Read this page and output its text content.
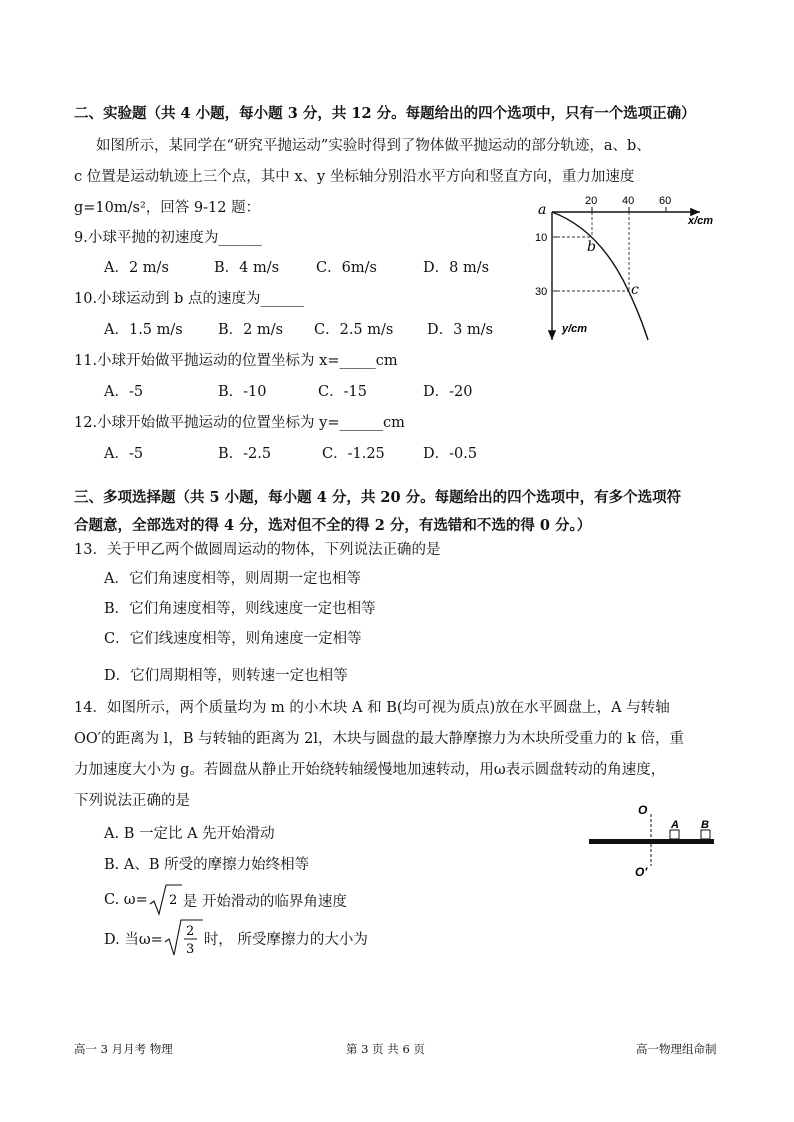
二、实验题（共 4 小题，每小题 3 分，共 12 分。每题给出的四个选项中，只有一个选项正确）
如图所示，某同学在“研究平抛运动”实验时得到了物体做平抛运动的部分轨迹，a、b、
c 位置是运动轨迹上三个点，其中 x、y 坐标轴分别沿水平方向和竖直方向，重力加速度
g=10m/s²，回答 9-12 题：
9.小球平抛的初速度为______
A．2 m/s	B．4 m/s	C．6m/s	D．8 m/s
10.小球运动到 b 点的速度为______
A．1.5 m/s B．2 m/s C．2.5 m/s D．3 m/s
11.小球开始做平抛运动的位置坐标为 x=_____cm
A．-5	B．-10	C．-15	D．-20
12.小球开始做平抛运动的位置坐标为 y=______cm
A．-5	B．-2.5	C．-1.25	D．-0.5
a
20 40 60
x/cm
10
30
y/cm
b
c
三、多项选择题（共 5 小题，每小题 4 分，共 20 分。每题给出的四个选项中，有多个选项符
合题意，全部选对的得 4 分，选对但不全的得 2 分，有选错和不选的得 0 分。）
13．关于甲乙两个做圆周运动的物体，下列说法正确的是
A．它们角速度相等，则周期一定也相等
B．它们角速度相等，则线速度一定也相等
C．它们线速度相等，则角速度一定相等
D．它们周期相等，则转速一定也相等
14．如图所示，两个质量均为 m 的小木块 A 和 B(均可视为质点)放在水平圆盘上，A 与转轴
OO′的距离为 l，B 与转轴的距离为 2l，木块与圆盘的最大静摩擦力为木块所受重力的 k 倍，重
力加速度大小为 g。若圆盘从静止开始绕转轴缓慢地加速转动，用ω表示圆盘转动的角速度，
下列说法正确的是
A. B 一定比 A 先开始滑动
B. A、B 所受的摩擦力始终相等
C. ω= 2 是 开始滑动的临界角速度
D. 当ω= 2
3
时， 所受摩擦力的大小为
O
O′
A B
高一 3 月月考 物理	第 3 页 共 6 页	高一物理组命制
